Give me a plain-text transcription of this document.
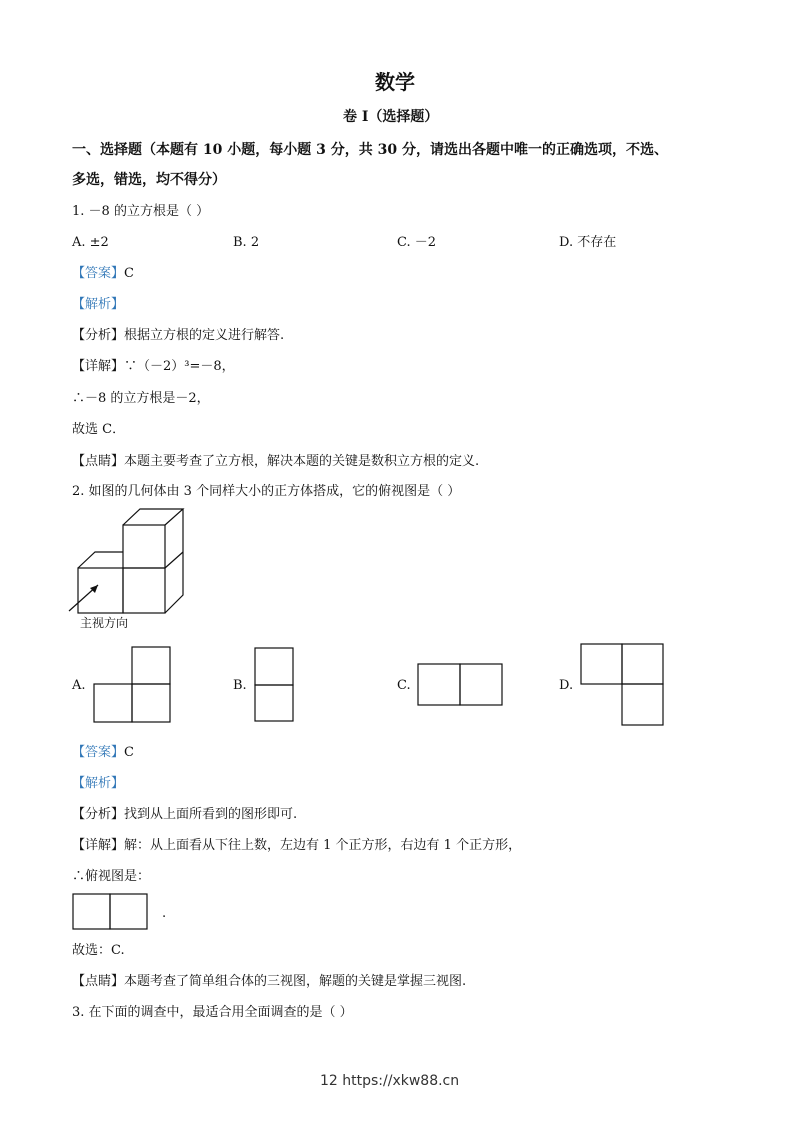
数学
卷 I（选择题）
一、选择题（本题有 10 小题，每小题 3 分，共 30 分，请选出各题中唯一的正确选项，不选、
多选，错选，均不得分）
1. －8 的立方根是（ ）
A. ±2	B. 2	C. －2	D. 不存在
【答案】C
【解析】
【分析】根据立方根的定义进行解答.
【详解】∵（－2）³=－8，
∴－8 的立方根是－2，
故选 C．
【点睛】本题主要考查了立方根，解决本题的关键是数积立方根的定义.
2. 如图的几何体由 3 个同样大小的正方体搭成，它的俯视图是（ ）
主视方向
A.	B.	C.	D.
【答案】C
【解析】
【分析】找到从上面所看到的图形即可.
【详解】解：从上面看从下往上数，左边有 1 个正方形，右边有 1 个正方形，
∴俯视图是：
.
故选：C.
【点睛】本题考查了简单组合体的三视图，解题的关键是掌握三视图.
3. 在下面的调查中，最适合用全面调查的是（ ）
12 https://xkw88.cn
